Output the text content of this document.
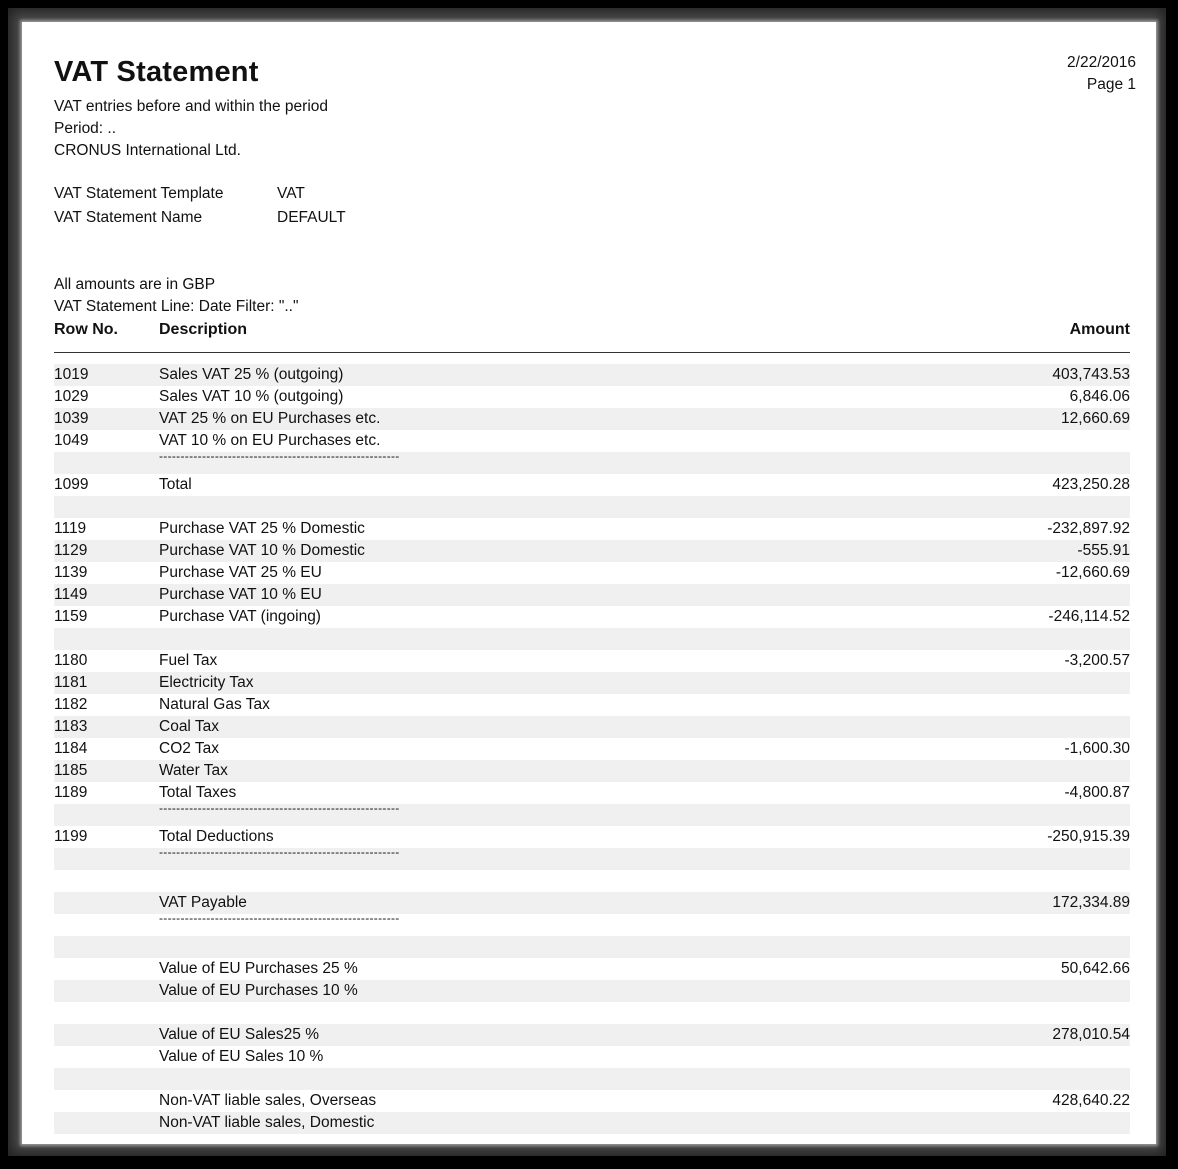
VAT Statement	2/22/2016
Page 1
VAT entries before and within the period
Period: ..
CRONUS International Ltd.
VAT Statement Template	VAT
VAT Statement Name	DEFAULT
All amounts are in GBP
VAT Statement Line: Date Filter: ".."
Row No.	Description	Amount
1019	Sales VAT 25 % (outgoing)	403,743.53
1029	Sales VAT 10 % (outgoing)	6,846.06
1039	VAT 25 % on EU Purchases etc.	12,660.69
1049	VAT 10 % on EU Purchases etc.
--------------------------------------------------------
1099	Total	423,250.28
1119	Purchase VAT 25 % Domestic	-232,897.92
1129	Purchase VAT 10 % Domestic	-555.91
1139	Purchase VAT 25 % EU	-12,660.69
1149	Purchase VAT 10 % EU
1159	Purchase VAT (ingoing)	-246,114.52
1180	Fuel Tax	-3,200.57
1181	Electricity Tax
1182	Natural Gas Tax
1183	Coal Tax
1184	CO2 Tax	-1,600.30
1185	Water Tax
1189	Total Taxes	-4,800.87
--------------------------------------------------------
1199	Total Deductions	-250,915.39
--------------------------------------------------------
VAT Payable	172,334.89
--------------------------------------------------------
Value of EU Purchases 25 %	50,642.66
Value of EU Purchases 10 %
Value of EU Sales25 %	278,010.54
Value of EU Sales 10 %
Non-VAT liable sales, Overseas	428,640.22
Non-VAT liable sales, Domestic
